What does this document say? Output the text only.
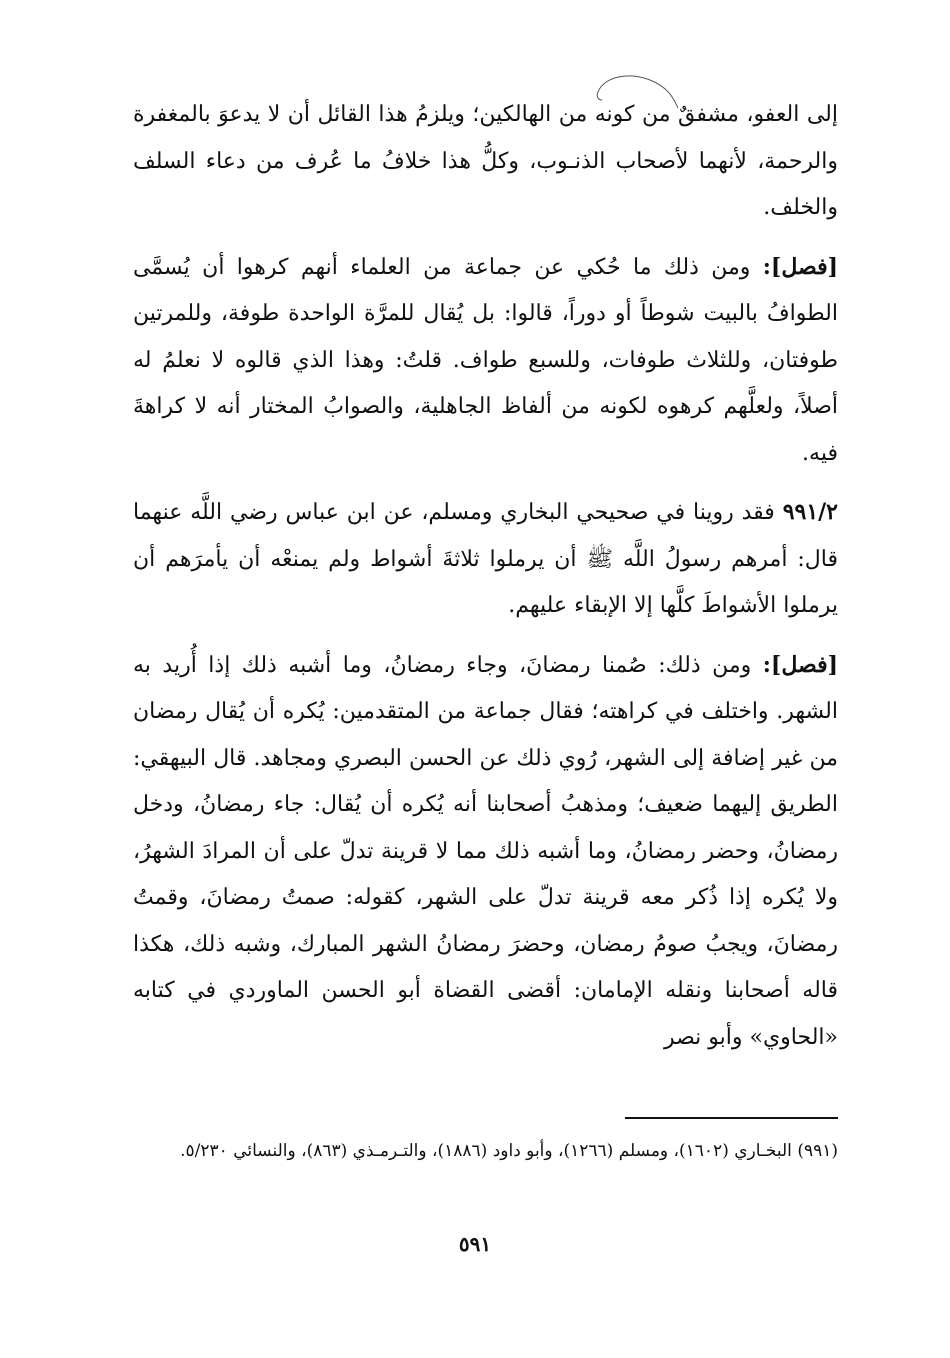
إلى العفو، مشفقٌ من كونه من الهالكين؛ ويلزمُ هذا القائل أن لا يدعوَ بالمغفرة والرحمة، لأنهما لأصحاب الذنـوب، وكلُّ هذا خلافُ ما عُرف من دعاء السلف والخلف.

[فصل]: ومن ذلك ما حُكي عن جماعة من العلماء أنهم كرهوا أن يُسمَّى الطوافُ بالبيت شوطاً أو دوراً، قالوا: بل يُقال للمرَّة الواحدة طوفة، وللمرتين طوفتان، وللثلاث طوفات، وللسبع طواف. قلتُ: وهذا الذي قالوه لا نعلمُ له أصلاً، ولعلَّهم كرهوه لكونه من ألفاظ الجاهلية، والصوابُ المختار أنه لا كراهةَ فيه.

٩٩١/٢ فقد روينا في صحيحي البخاري ومسلم، عن ابن عباس رضي اللَّه عنهما قال: أمرهم رسولُ اللَّه ﷺ أن يرملوا ثلاثةَ أشواط ولم يمنعْه أن يأمرَهم أن يرملوا الأشواطَ كلَّها إلا الإبقاء عليهم.

[فصل]: ومن ذلك: صُمنا رمضانَ، وجاء رمضانُ، وما أشبه ذلك إذا أُريد به الشهر. واختلف في كراهته؛ فقال جماعة من المتقدمين: يُكره أن يُقال رمضان من غير إضافة إلى الشهر، رُوي ذلك عن الحسن البصري ومجاهد. قال البيهقي: الطريق إليهما ضعيف؛ ومذهبُ أصحابنا أنه يُكره أن يُقال: جاء رمضانُ، ودخل رمضانُ، وحضر رمضانُ، وما أشبه ذلك مما لا قرينة تدلّ على أن المرادَ الشهرُ، ولا يُكره إذا ذُكر معه قرينة تدلّ على الشهر، كقوله: صمتُ رمضانَ، وقمتُ رمضانَ، ويجبُ صومُ رمضان، وحضرَ رمضانُ الشهر المبارك، وشبه ذلك، هكذا قاله أصحابنا ونقله الإمامان: أقضى القضاة أبو الحسن الماوردي في كتابه «الحاوي» وأبو نصر

(٩٩١) البخـاري (١٦٠٢)، ومسلم (١٢٦٦)، وأبو داود (١٨٨٦)، والتـرمـذي (٨٦٣)، والنسائي ٥/٢٣٠.
٥٩١
